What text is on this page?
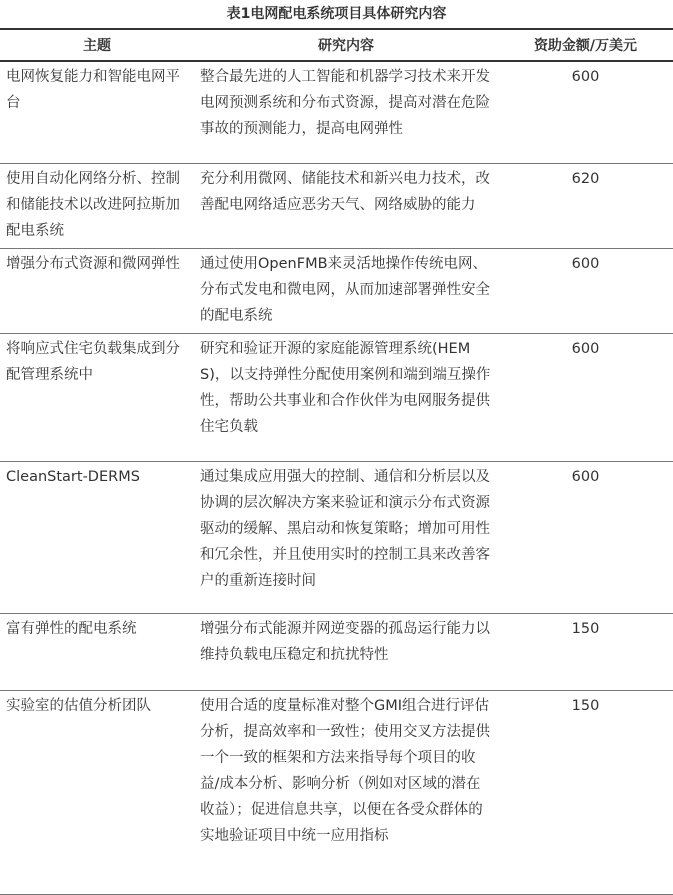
表1电网配电系统项目具体研究内容
主题	研究内容	资助金额/万美元
电网恢复能力和智能电网平台	整合最先进的人工智能和机器学习技术来开发电网预测系统和分布式资源，提高对潜在危险事故的预测能力，提高电网弹性	600
使用自动化网络分析、控制和储能技术以改进阿拉斯加配电系统	充分利用微网、储能技术和新兴电力技术，改善配电网络适应恶劣天气、网络威胁的能力	620
增强分布式资源和微网弹性	通过使用OpenFMB来灵活地操作传统电网、分布式发电和微电网，从而加速部署弹性安全的配电系统	600
将响应式住宅负载集成到分配管理系统中	研究和验证开源的家庭能源管理系统(HEMS)，以支持弹性分配使用案例和端到端互操作性，帮助公共事业和合作伙伴为电网服务提供住宅负载	600
CleanStart-DERMS	通过集成应用强大的控制、通信和分析层以及协调的层次解决方案来验证和演示分布式资源驱动的缓解、黑启动和恢复策略；增加可用性和冗余性，并且使用实时的控制工具来改善客户的重新连接时间	600
富有弹性的配电系统	增强分布式能源并网逆变器的孤岛运行能力以维持负载电压稳定和抗扰特性	150
实验室的估值分析团队	使用合适的度量标准对整个GMI组合进行评估分析，提高效率和一致性；使用交叉方法提供一个一致的框架和方法来指导每个项目的收益/成本分析、影响分析（例如对区域的潜在收益）；促进信息共享，以便在各受众群体的实地验证项目中统一应用指标	150
